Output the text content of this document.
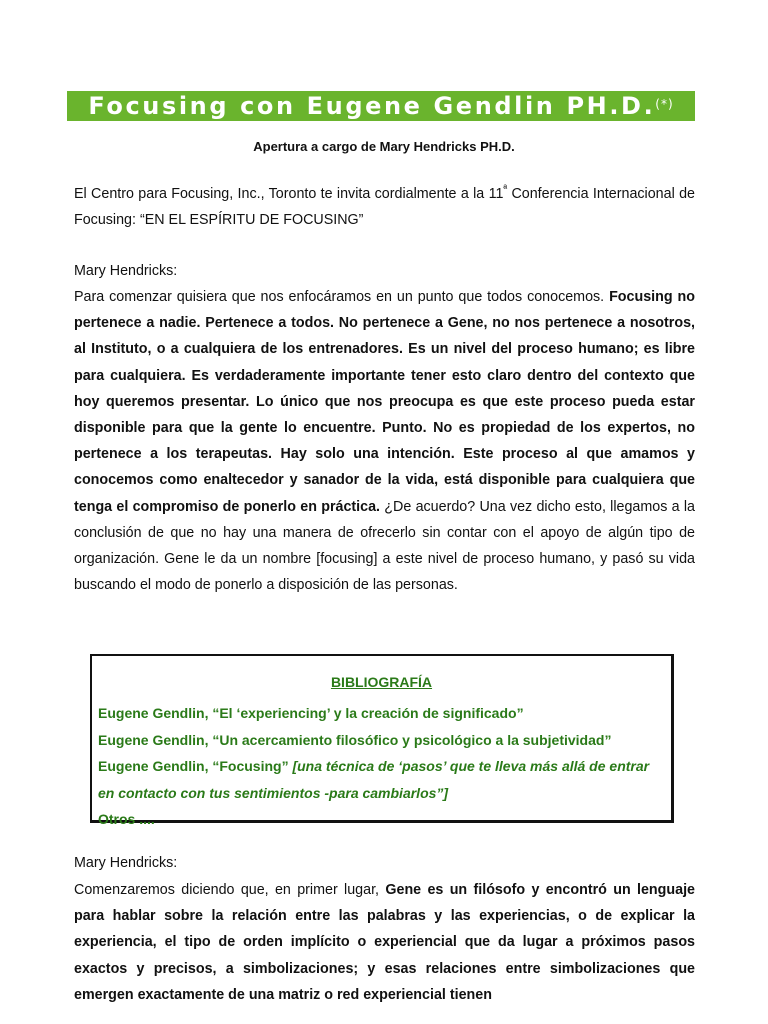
Focusing con Eugene Gendlin PH.D.(*)
Apertura a cargo de Mary Hendricks PH.D.

El Centro para Focusing, Inc., Toronto te invita cordialmente a la $11^ª$ Conferencia Internacional de Focusing: “EN EL ESPÍRITU DE FOCUSING”

Mary Hendricks:

Para comenzar quisiera que nos enfocáramos en un punto que todos conocemos. Focusing no pertenece a nadie. Pertenece a todos. No pertenece a Gene, no nos pertenece a nosotros, al Instituto, o a cualquiera de los entrenadores. Es un nivel del proceso humano; es libre para cualquiera. Es verdaderamente importante tener esto claro dentro del contexto que hoy queremos presentar. Lo único que nos preocupa es que este proceso pueda estar disponible para que la gente lo encuentre. Punto. No es propiedad de los expertos, no pertenece a los terapeutas. Hay solo una intención. Este proceso al que amamos y conocemos como enaltecedor y sanador de la vida, está disponible para cualquiera que tenga el compromiso de ponerlo en práctica. ¿De acuerdo? Una vez dicho esto, llegamos a la conclusión de que no hay una manera de ofrecerlo sin contar con el apoyo de algún tipo de organización. Gene le da un nombre [focusing] a este nivel de proceso humano, y pasó su vida buscando el modo de ponerlo a disposición de las personas.

BIBLIOGRAFÍA
Eugene Gendlin, “El ‘experiencing’ y la creación de significado”
Eugene Gendlin, “Un acercamiento filosófico y psicológico a la subjetividad”
Eugene Gendlin, “Focusing” [una técnica de ‘pasos’ que te lleva más allá de entrar en contacto con tus sentimientos -para cambiarlos”]
Otros ....

Mary Hendricks:

Comenzaremos diciendo que, en primer lugar, Gene es un filósofo y encontró un lenguaje para hablar sobre la relación entre las palabras y las experiencias, o de explicar la experiencia, el tipo de orden implícito o experiencial que da lugar a próximos pasos exactos y precisos, a simbolizaciones; y esas relaciones entre simbolizaciones que emergen exactamente de una matriz o red experiencial tienen
